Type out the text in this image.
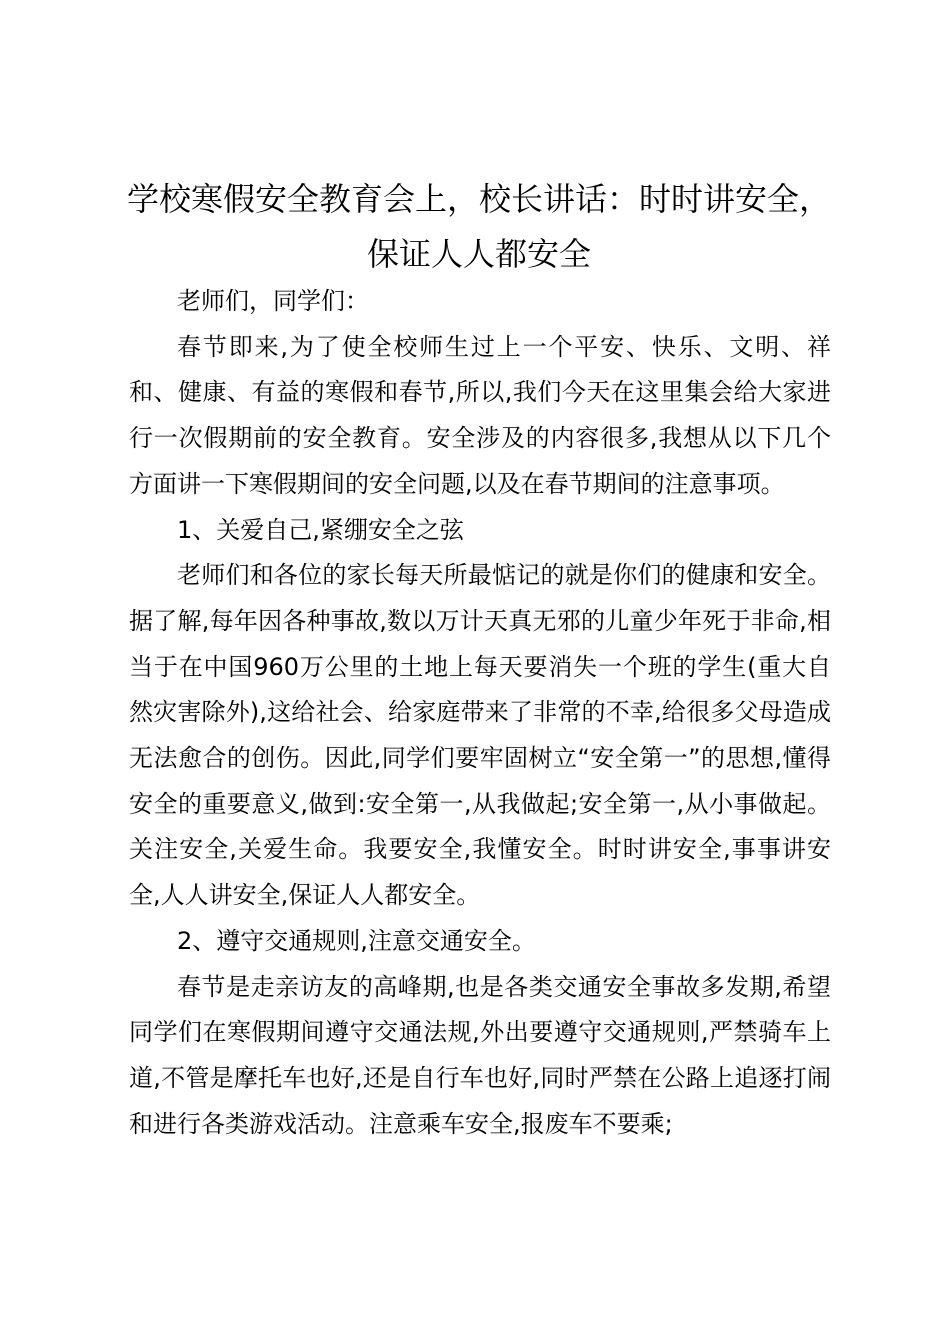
学校寒假安全教育会上，校长讲话：时时讲安全，保证人人都安全

老师们，同学们：

春节即来,为了使全校师生过上一个平安、快乐、文明、祥和、健康、有益的寒假和春节,所以,我们今天在这里集会给大家进行一次假期前的安全教育。安全涉及的内容很多,我想从以下几个方面讲一下寒假期间的安全问题,以及在春节期间的注意事项。

1、关爱自己,紧绷安全之弦

老师们和各位的家长每天所最惦记的就是你们的健康和安全。据了解,每年因各种事故,数以万计天真无邪的儿童少年死于非命,相当于在中国960万公里的土地上每天要消失一个班的学生(重大自然灾害除外),这给社会、给家庭带来了非常的不幸,给很多父母造成无法愈合的创伤。因此,同学们要牢固树立“安全第一”的思想,懂得安全的重要意义,做到:安全第一,从我做起;安全第一,从小事做起。关注安全,关爱生命。我要安全,我懂安全。时时讲安全,事事讲安全,人人讲安全,保证人人都安全。

2、遵守交通规则,注意交通安全。

春节是走亲访友的高峰期,也是各类交通安全事故多发期,希望同学们在寒假期间遵守交通法规,外出要遵守交通规则,严禁骑车上道,不管是摩托车也好,还是自行车也好,同时严禁在公路上追逐打闹和进行各类游戏活动。注意乘车安全,报废车不要乘;
